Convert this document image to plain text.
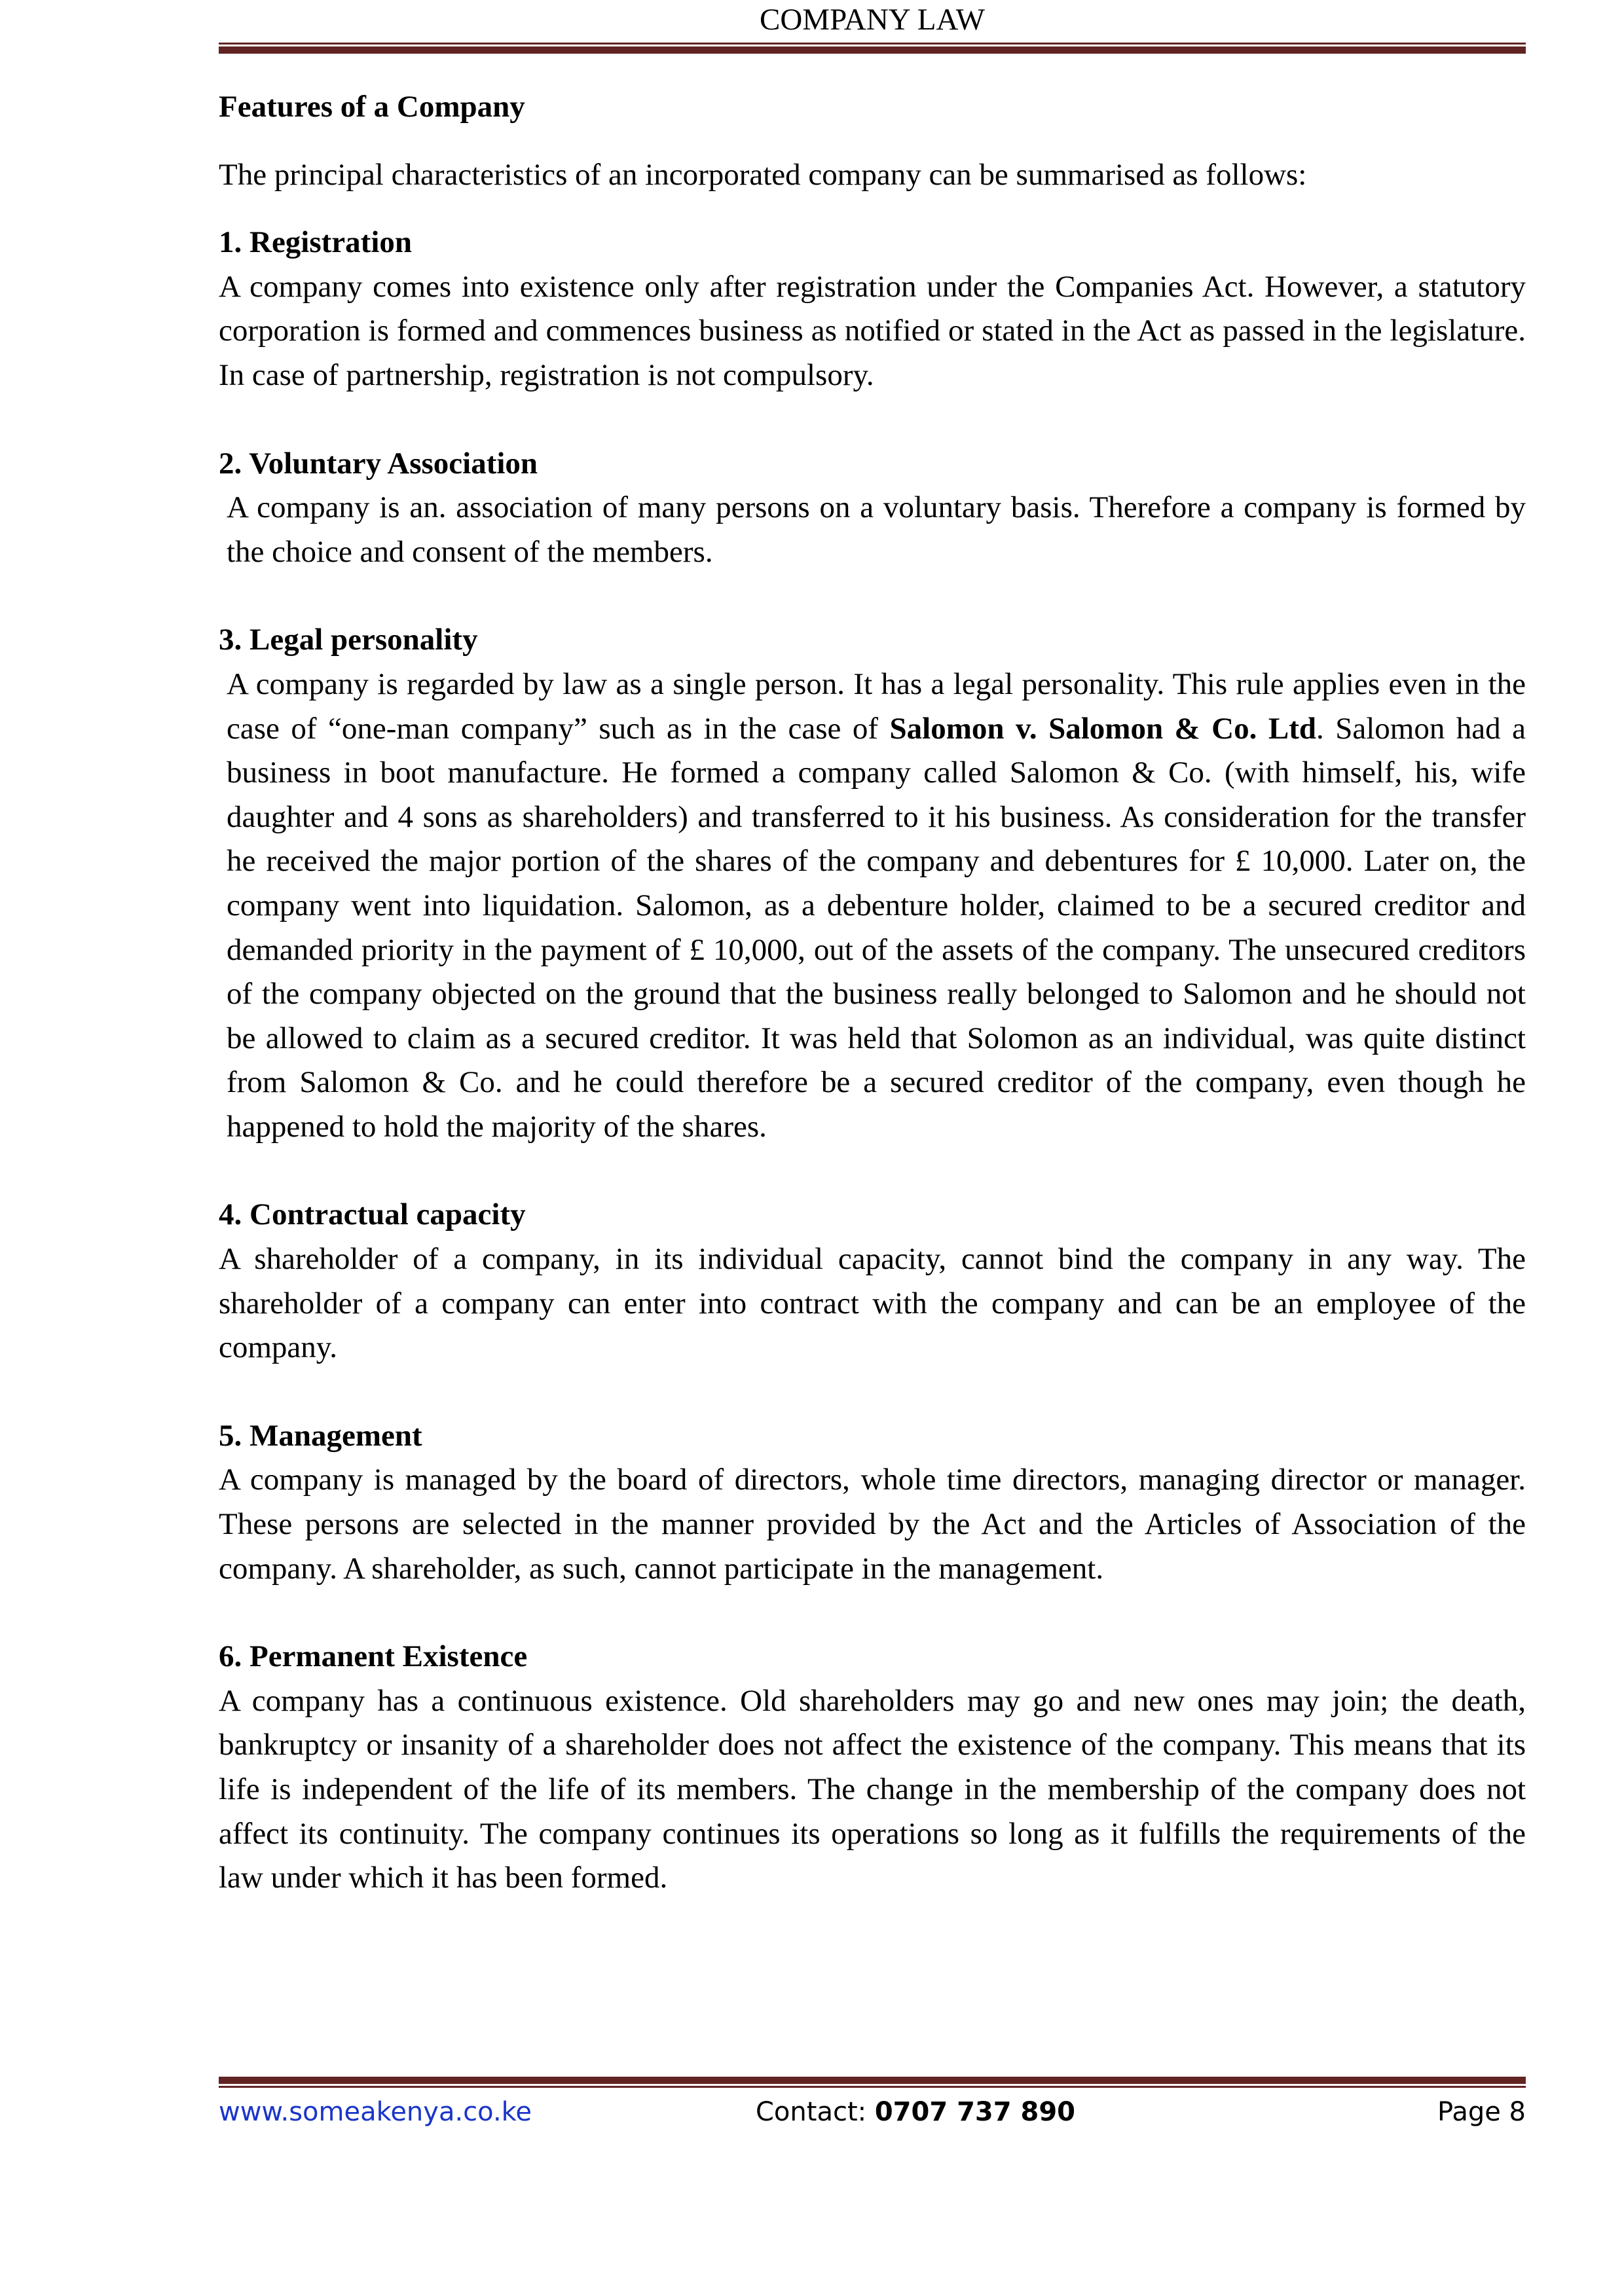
COMPANY LAW
Features of a Company

The principal characteristics of an incorporated company can be summarised as follows:

1. Registration

A company comes into existence only after registration under the Companies Act. However, a statutory corporation is formed and commences business as notified or stated in the Act as passed in the legislature. In case of partnership, registration is not compulsory.

2. Voluntary Association

A company is an. association of many persons on a voluntary basis. Therefore a company is formed by the choice and consent of the members.

3. Legal personality

A company is regarded by law as a single person. It has a legal personality. This rule applies even in the case of “one-man company” such as in the case of Salomon v. Salomon & Co. Ltd. Salomon had a business in boot manufacture. He formed a company called Salomon & Co. (with himself, his, wife daughter and 4 sons as shareholders) and transferred to it his business. As consideration for the transfer he received the major portion of the shares of the company and debentures for £ 10,000. Later on, the company went into liquidation. Salomon, as a debenture holder, claimed to be a secured creditor and demanded priority in the payment of £ 10,000, out of the assets of the company. The unsecured creditors of the company objected on the ground that the business really belonged to Salomon and he should not be allowed to claim as a secured creditor. It was held that Solomon as an individual, was quite distinct from Salomon & Co. and he could therefore be a secured creditor of the company, even though he happened to hold the majority of the shares.

4. Contractual capacity

A shareholder of a company, in its individual capacity, cannot bind the company in any way. The shareholder of a company can enter into contract with the company and can be an employee of the company.

5. Management

A company is managed by the board of directors, whole time directors, managing director or manager. These persons are selected in the manner provided by the Act and the Articles of Association of the company. A shareholder, as such, cannot participate in the management.

6. Permanent Existence

A company has a continuous existence. Old shareholders may go and new ones may join; the death, bankruptcy or insanity of a shareholder does not affect the existence of the company. This means that its life is independent of the life of its members. The change in the membership of the company does not affect its continuity. The company continues its operations so long as it fulfills the requirements of the law under which it has been formed.

www.someakenya.co.ke	Contact: 0707 737 890	Page 8
